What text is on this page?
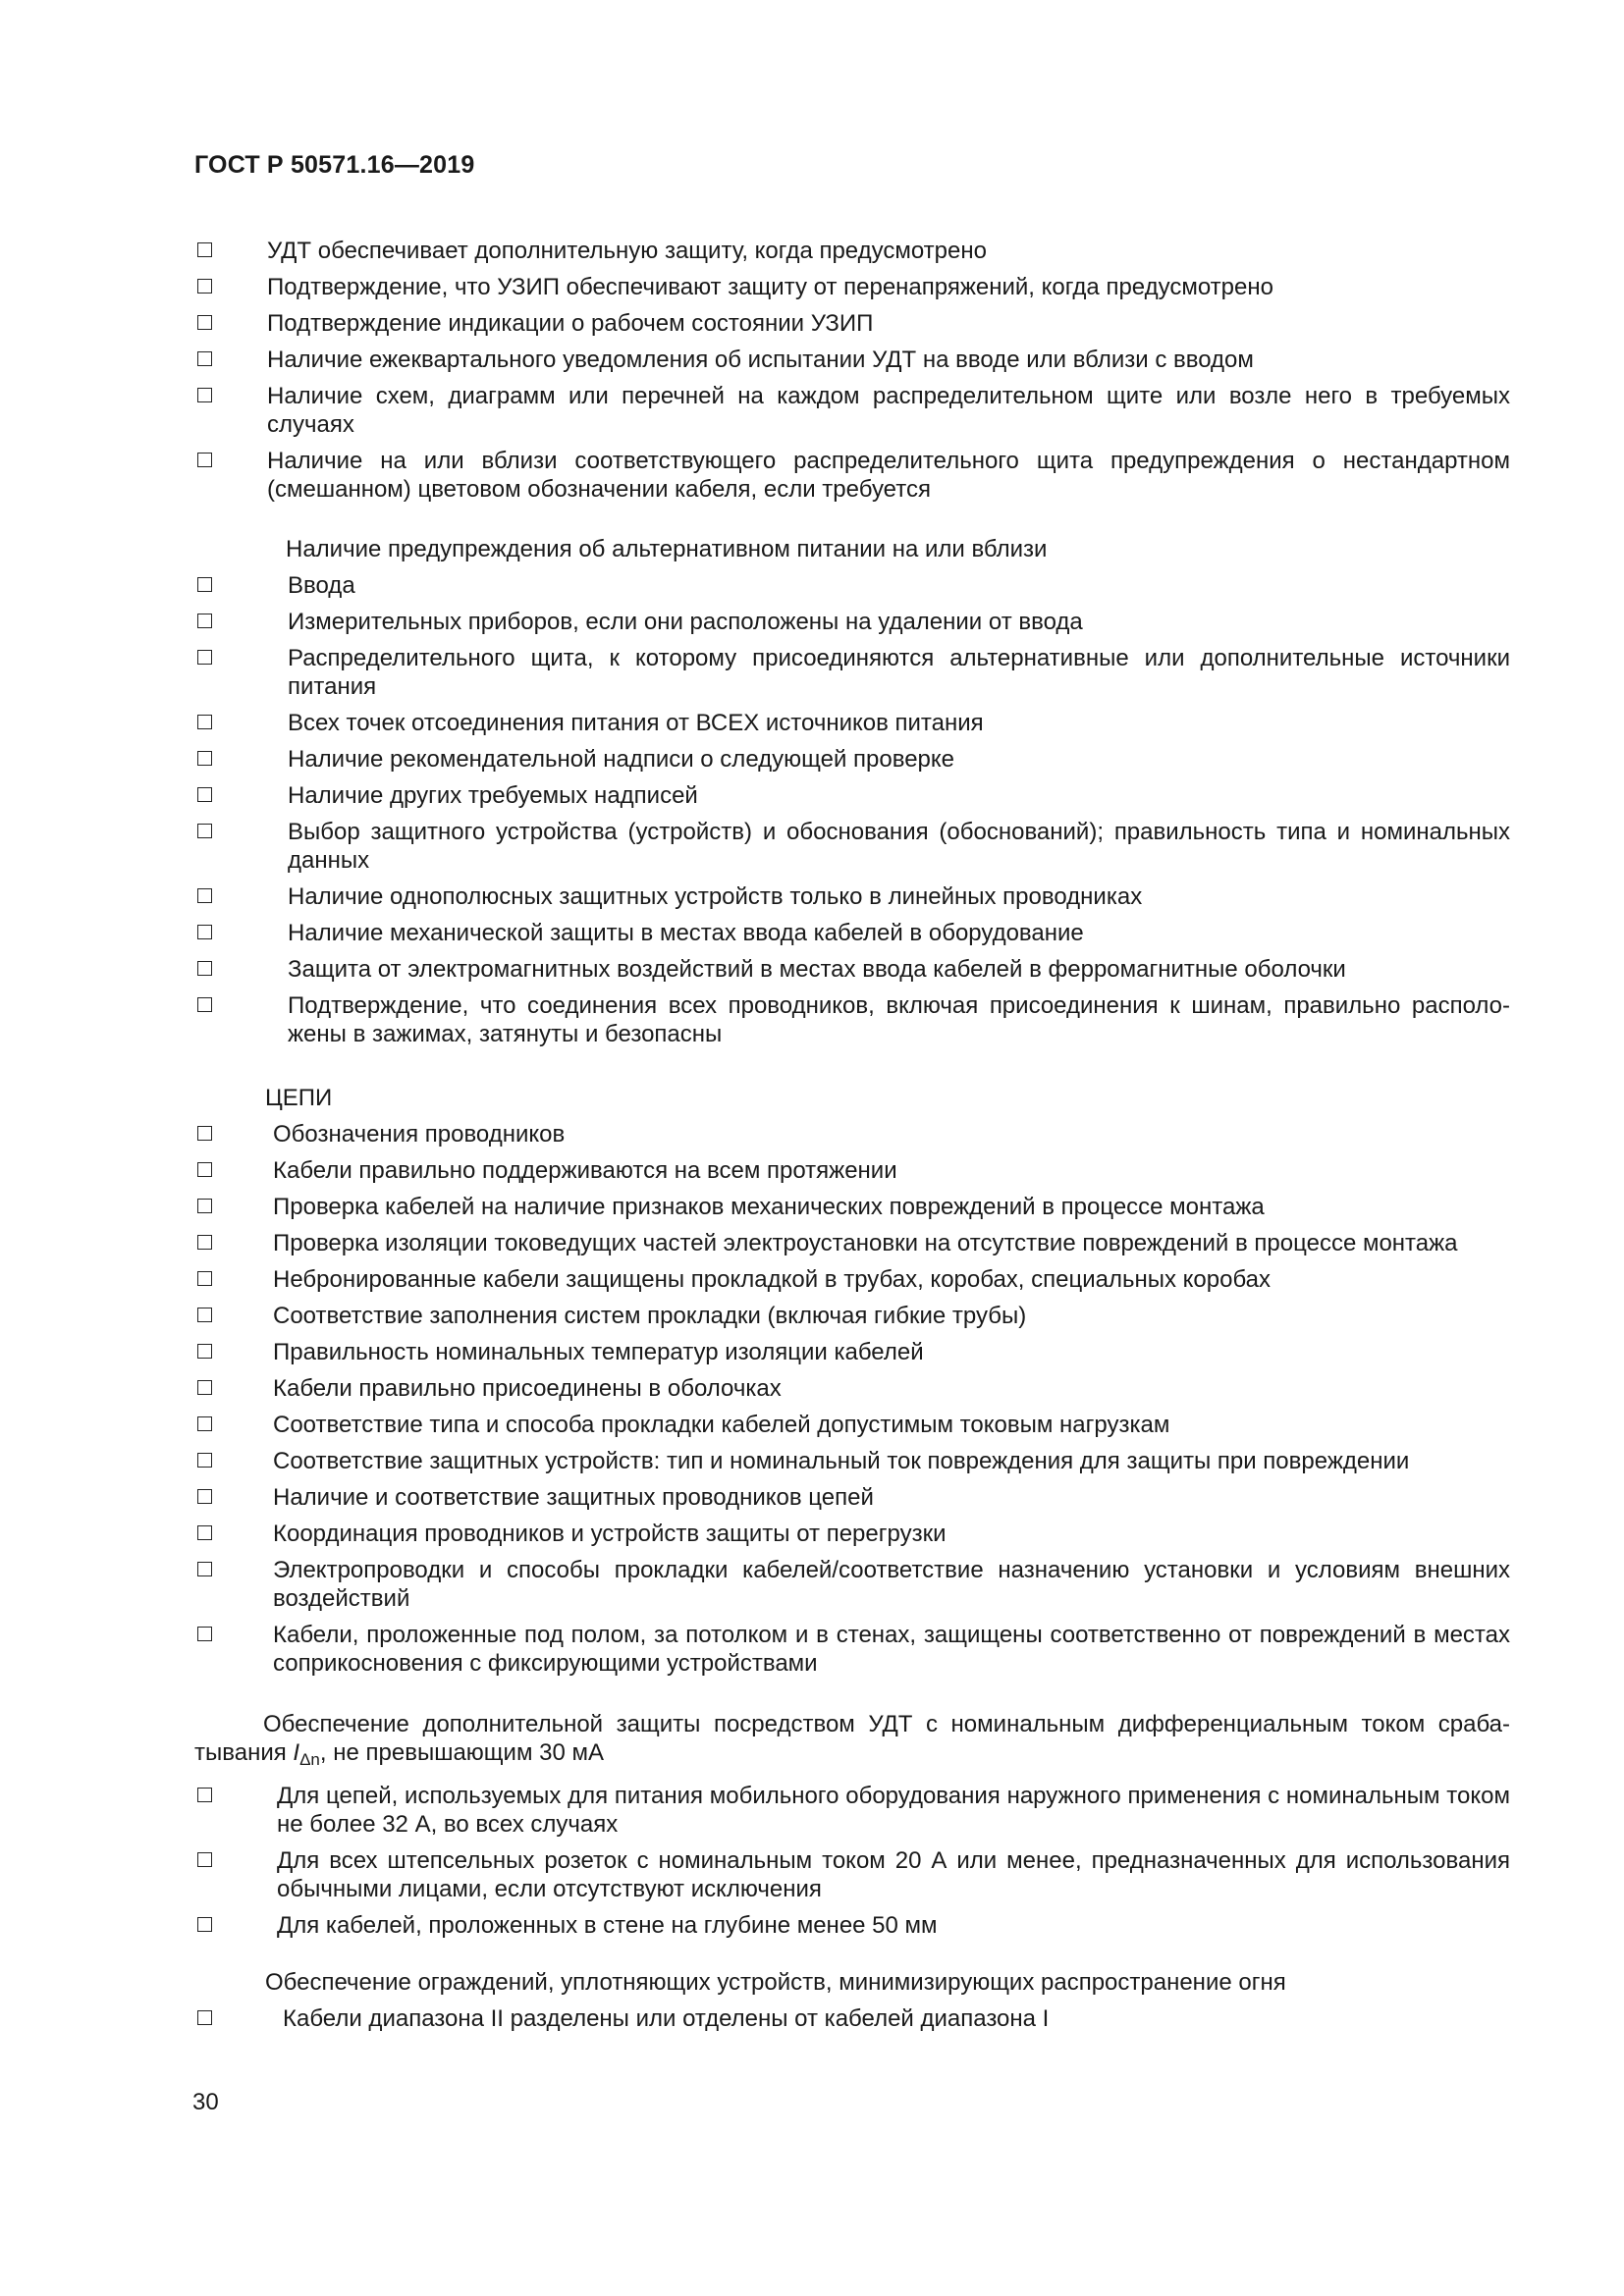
ГОСТ Р 50571.16—2019
УДТ обеспечивает дополнительную защиту, когда предусмотрено
Подтверждение, что УЗИП обеспечивают защиту от перенапряжений, когда предусмотрено
Подтверждение индикации о рабочем состоянии УЗИП
Наличие ежеквартального уведомления об испытании УДТ на вводе или вблизи с вводом
Наличие схем, диаграмм или перечней на каждом распределительном щите или возле него в требуемых случаях
Наличие на или вблизи соответствующего распределительного щита предупреждения о нестандартном (смешанном) цветовом обозначении кабеля, если требуется
Наличие предупреждения об альтернативном питании на или вблизи
Ввода
Измерительных приборов, если они расположены на удалении от ввода
Распределительного щита, к которому присоединяются альтернативные или дополнительные источники питания
Всех точек отсоединения питания от ВСЕХ источников питания
Наличие рекомендательной надписи о следующей проверке
Наличие других требуемых надписей
Выбор защитного устройства (устройств) и обоснования (обоснований); правильность типа и номинальных данных
Наличие однополюсных защитных устройств только в линейных проводниках
Наличие механической защиты в местах ввода кабелей в оборудование
Защита от электромагнитных воздействий в местах ввода кабелей в ферромагнитные оболочки
Подтверждение, что соединения всех проводников, включая присоединения к шинам, правильно располо- жены в зажимах, затянуты и безопасны
ЦЕПИ
Обозначения проводников
Кабели правильно поддерживаются на всем протяжении
Проверка кабелей на наличие признаков механических повреждений в процессе монтажа
Проверка изоляции токоведущих частей электроустановки на отсутствие повреждений в процессе монтажа
Небронированные кабели защищены прокладкой в трубах, коробах, специальных коробах
Соответствие заполнения систем прокладки (включая гибкие трубы)
Правильность номинальных температур изоляции кабелей
Кабели правильно присоединены в оболочках
Соответствие типа и способа прокладки кабелей допустимым токовым нагрузкам
Соответствие защитных устройств: тип и номинальный ток повреждения для защиты при повреждении
Наличие и соответствие защитных проводников цепей
Координация проводников и устройств защиты от перегрузки
Электропроводки и способы прокладки кабелей/соответствие назначению установки и условиям внешних воздействий
Кабели, проложенные под полом, за потолком и в стенах, защищены соответственно от повреждений в местах соприкосновения с фиксирующими устройствами
Обеспечение дополнительной защиты посредством УДТ с номинальным дифференциальным током сраба- тывания $I_{\Delta n}$, не превышающим 30 мА
Для цепей, используемых для питания мобильного оборудования наружного применения с номинальным током не более 32 А, во всех случаях
Для всех штепсельных розеток с номинальным током 20 А или менее, предназначенных для использования обычными лицами, если отсутствуют исключения
Для кабелей, проложенных в стене на глубине менее 50 мм
Обеспечение ограждений, уплотняющих устройств, минимизирующих распространение огня
Кабели диапазона II разделены или отделены от кабелей диапазона I
30
